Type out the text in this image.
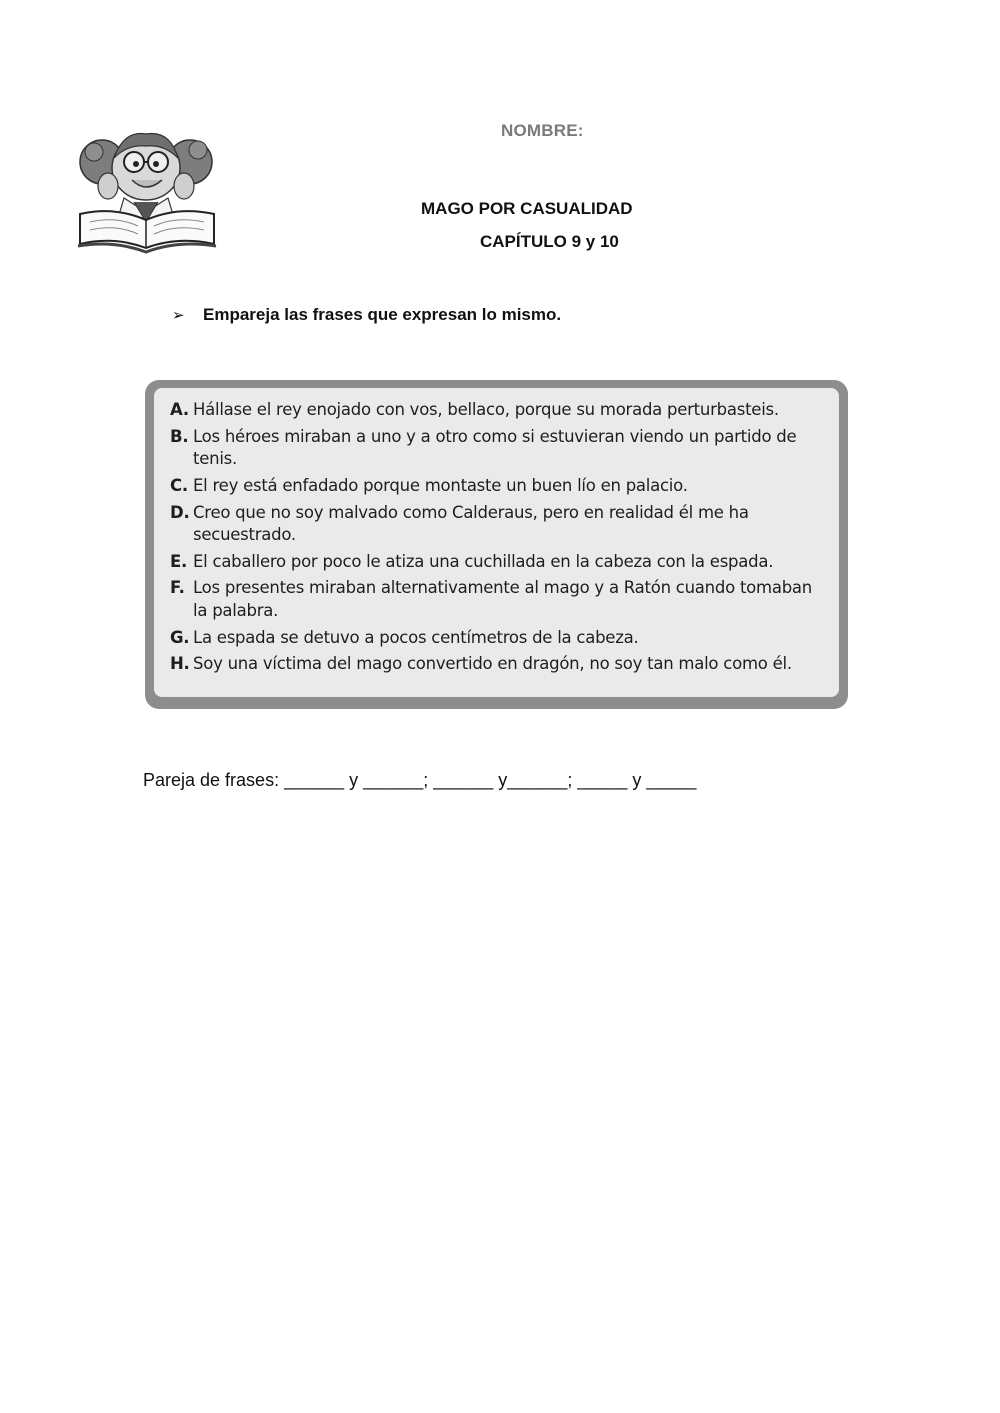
NOMBRE:
MAGO POR CASUALIDAD
CAPÍTULO 9 y 10
➢	Empareja las frases que expresan lo mismo.
A. Hállase el rey enojado con vos, bellaco, porque su morada perturbasteis.
B. Los héroes miraban a uno y a otro como si estuvieran viendo un partido de tenis.
C. El rey está enfadado porque montaste un buen lío en palacio.
D. Creo que no soy malvado como Calderaus, pero en realidad él me ha secuestrado.
E. El caballero por poco le atiza una cuchillada en la cabeza con la espada.
F. Los presentes miraban alternativamente al mago y a Ratón cuando tomaban la palabra.
G. La espada se detuvo a pocos centímetros de la cabeza.
H. Soy una víctima del mago convertido en dragón, no soy tan malo como él.
Pareja de frases: ______ y ______; ______ y______; _____ y _____
